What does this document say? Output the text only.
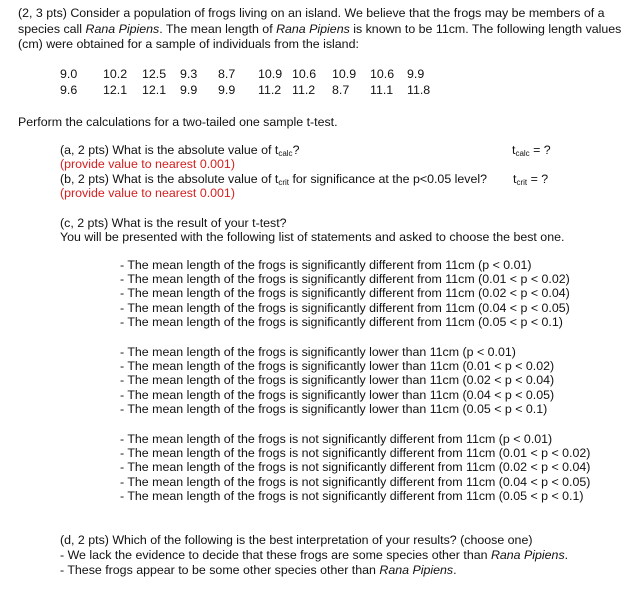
(2, 3 pts) Consider a population of frogs living on an island. We believe that the frogs may be members of a species call Rana Pipiens. The mean length of Rana Pipiens is known to be 11cm. The following length values (cm) were obtained for a sample of individuals from the island:
9.0	10.2	12.5	9.3	8.7	10.9	10.6	10.9	10.6	9.9
9.6	12.1	12.1	9.9	9.9	11.2	11.2	8.7	11.1	11.8
Perform the calculations for a two-tailed one sample t-test.
(a, 2 pts) What is the absolute value of $t_{calc}$?
(provide value to nearest 0.001)
$t_{calc}$ = ?
(b, 2 pts) What is the absolute value of $t_{crit}$ for significance at the p<0.05 level?
(provide value to nearest 0.001)
$t_{crit}$ = ?
(c, 2 pts) What is the result of your t-test?
You will be presented with the following list of statements and asked to choose the best one.
- The mean length of the frogs is significantly different from 11cm (p < 0.01)
- The mean length of the frogs is significantly different from 11cm (0.01 < p < 0.02)
- The mean length of the frogs is significantly different from 11cm (0.02 < p < 0.04)
- The mean length of the frogs is significantly different from 11cm (0.04 < p < 0.05)
- The mean length of the frogs is significantly different from 11cm (0.05 < p < 0.1)
- The mean length of the frogs is significantly lower than 11cm (p < 0.01)
- The mean length of the frogs is significantly lower than 11cm (0.01 < p < 0.02)
- The mean length of the frogs is significantly lower than 11cm (0.02 < p < 0.04)
- The mean length of the frogs is significantly lower than 11cm (0.04 < p < 0.05)
- The mean length of the frogs is significantly lower than 11cm (0.05 < p < 0.1)
- The mean length of the frogs is not significantly different from 11cm (p < 0.01)
- The mean length of the frogs is not significantly different from 11cm (0.01 < p < 0.02)
- The mean length of the frogs is not significantly different from 11cm (0.02 < p < 0.04)
- The mean length of the frogs is not significantly different from 11cm (0.04 < p < 0.05)
- The mean length of the frogs is not significantly different from 11cm (0.05 < p < 0.1)
(d, 2 pts) Which of the following is the best interpretation of your results? (choose one)
- We lack the evidence to decide that these frogs are some species other than Rana Pipiens.
- These frogs appear to be some other species other than Rana Pipiens.
